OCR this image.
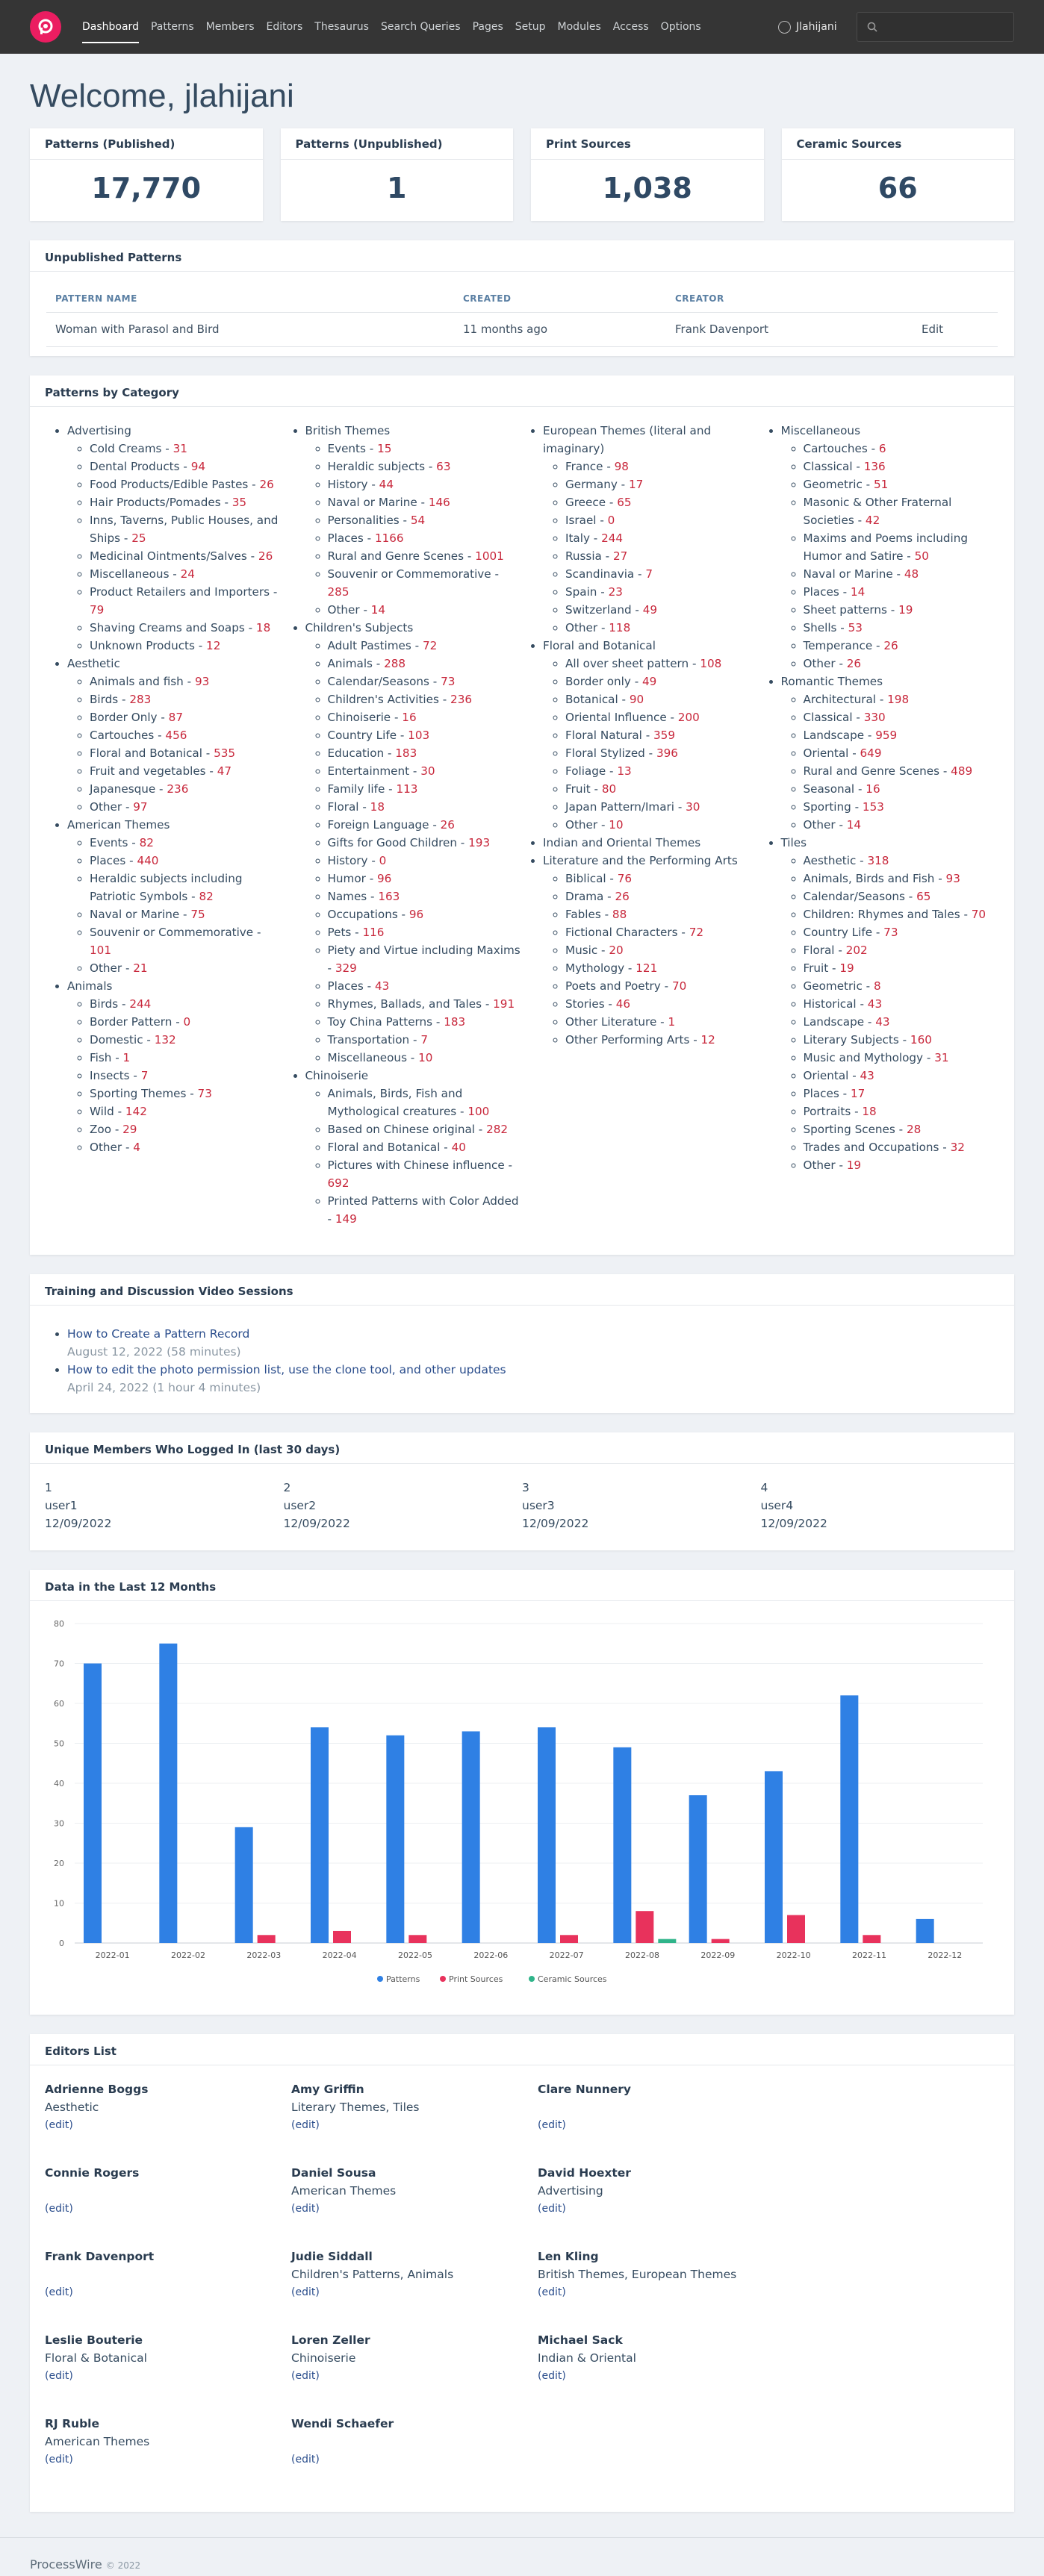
Dashboard	Patterns	Members	Editors	Thesaurus	Search Queries	Pages	Setup	Modules	Access	Options	Jlahijani
Welcome, jlahijani
Patterns (Published)
17,770
Patterns (Unpublished)
1
Print Sources
1,038
Ceramic Sources
66
Unpublished Patterns
PATTERN NAME	CREATED	CREATOR	
Woman with Parasol and Bird	11 months ago	Frank Davenport	Edit
Patterns by Category
• Advertising
◦ Cold Creams - 31
◦ Dental Products - 94
◦ Food Products/Edible Pastes - 26
◦ Hair Products/Pomades - 35
◦ Inns, Taverns, Public Houses, and Ships - 25
◦ Medicinal Ointments/Salves - 26
◦ Miscellaneous - 24
◦ Product Retailers and Importers - 79
◦ Shaving Creams and Soaps - 18
◦ Unknown Products - 12
• Aesthetic
◦ Animals and fish - 93
◦ Birds - 283
◦ Border Only - 87
◦ Cartouches - 456
◦ Floral and Botanical - 535
◦ Fruit and vegetables - 47
◦ Japanesque - 236
◦ Other - 97
• American Themes
◦ Events - 82
◦ Places - 440
◦ Heraldic subjects including Patriotic Symbols - 82
◦ Naval or Marine - 75
◦ Souvenir or Commemorative - 101
◦ Other - 21
• Animals
◦ Birds - 244
◦ Border Pattern - 0
◦ Domestic - 132
◦ Fish - 1
◦ Insects - 7
◦ Sporting Themes - 73
◦ Wild - 142
◦ Zoo - 29
◦ Other - 4
• British Themes
◦ Events - 15
◦ Heraldic subjects - 63
◦ History - 44
◦ Naval or Marine - 146
◦ Personalities - 54
◦ Places - 1166
◦ Rural and Genre Scenes - 1001
◦ Souvenir or Commemorative - 285
◦ Other - 14
• Children's Subjects
◦ Adult Pastimes - 72
◦ Animals - 288
◦ Calendar/Seasons - 73
◦ Children's Activities - 236
◦ Chinoiserie - 16
◦ Country Life - 103
◦ Education - 183
◦ Entertainment - 30
◦ Family life - 113
◦ Floral - 18
◦ Foreign Language - 26
◦ Gifts for Good Children - 193
◦ History - 0
◦ Humor - 96
◦ Names - 163
◦ Occupations - 96
◦ Pets - 116
◦ Piety and Virtue including Maxims - 329
◦ Places - 43
◦ Rhymes, Ballads, and Tales - 191
◦ Toy China Patterns - 183
◦ Transportation - 7
◦ Miscellaneous - 10
• Chinoiserie
◦ Animals, Birds, Fish and Mythological creatures - 100
◦ Based on Chinese original - 282
◦ Floral and Botanical - 40
◦ Pictures with Chinese influence - 692
◦ Printed Patterns with Color Added - 149
• European Themes (literal and imaginary)
◦ France - 98
◦ Germany - 17
◦ Greece - 65
◦ Israel - 0
◦ Italy - 244
◦ Russia - 27
◦ Scandinavia - 7
◦ Spain - 23
◦ Switzerland - 49
◦ Other - 118
• Floral and Botanical
◦ All over sheet pattern - 108
◦ Border only - 49
◦ Botanical - 90
◦ Oriental Influence - 200
◦ Floral Natural - 359
◦ Floral Stylized - 396
◦ Foliage - 13
◦ Fruit - 80
◦ Japan Pattern/Imari - 30
◦ Other - 10
• Indian and Oriental Themes
• Literature and the Performing Arts
◦ Biblical - 76
◦ Drama - 26
◦ Fables - 88
◦ Fictional Characters - 72
◦ Music - 20
◦ Mythology - 121
◦ Poets and Poetry - 70
◦ Stories - 46
◦ Other Literature - 1
◦ Other Performing Arts - 12
• Miscellaneous
◦ Cartouches - 6
◦ Classical - 136
◦ Geometric - 51
◦ Masonic & Other Fraternal Societies - 42
◦ Maxims and Poems including Humor and Satire - 50
◦ Naval or Marine - 48
◦ Places - 14
◦ Sheet patterns - 19
◦ Shells - 53
◦ Temperance - 26
◦ Other - 26
• Romantic Themes
◦ Architectural - 198
◦ Classical - 330
◦ Landscape - 959
◦ Oriental - 649
◦ Rural and Genre Scenes - 489
◦ Seasonal - 16
◦ Sporting - 153
◦ Other - 14
• Tiles
◦ Aesthetic - 318
◦ Animals, Birds and Fish - 93
◦ Calendar/Seasons - 65
◦ Children: Rhymes and Tales - 70
◦ Country Life - 73
◦ Floral - 202
◦ Fruit - 19
◦ Geometric - 8
◦ Historical - 43
◦ Landscape - 43
◦ Literary Subjects - 160
◦ Music and Mythology - 31
◦ Oriental - 43
◦ Places - 17
◦ Portraits - 18
◦ Sporting Scenes - 28
◦ Trades and Occupations - 32
◦ Other - 19
Training and Discussion Video Sessions
• How to Create a Pattern Record
August 12, 2022 (58 minutes)
• How to edit the photo permission list, use the clone tool, and other updates
April 24, 2022 (1 hour 4 minutes)
Unique Members Who Logged In (last 30 days)
1
user1
12/09/2022
2
user2
12/09/2022
3
user3
12/09/2022
4
user4
12/09/2022
Data in the Last 12 Months
0
10
20
30
40
50
60
70
80
2022-01	2022-02	2022-03	2022-04	2022-05	2022-06	2022-07	2022-08	2022-09	2022-10	2022-11	2022-12
Patterns	Print Sources	Ceramic Sources
Editors List
Adrienne Boggs
Aesthetic
(edit)
Amy Griffin
Literary Themes, Tiles
(edit)
Clare Nunnery

(edit)
Connie Rogers

(edit)
Daniel Sousa
American Themes
(edit)
David Hoexter
Advertising
(edit)
Frank Davenport

(edit)
Judie Siddall
Children's Patterns, Animals
(edit)
Len Kling
British Themes, European Themes
(edit)
Leslie Bouterie
Floral & Botanical
(edit)
Loren Zeller
Chinoiserie
(edit)
Michael Sack
Indian & Oriental
(edit)
RJ Ruble
American Themes
(edit)
Wendi Schaefer

(edit)
ProcessWire © 2022
